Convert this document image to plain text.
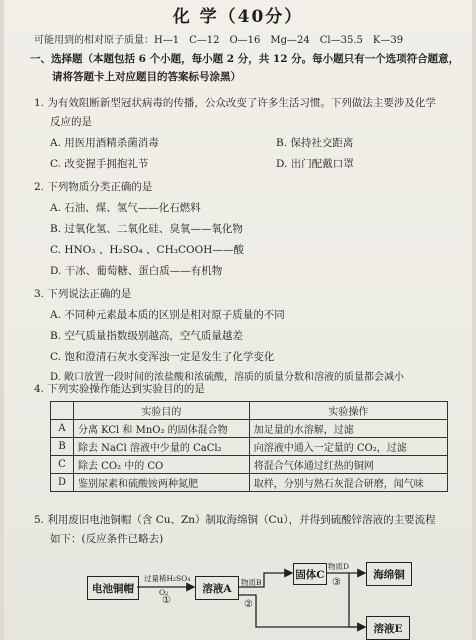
化 学（40分）
可能用到的相对原子质量：H—1　C—12　O—16　Mg—24　Cl—35.5　K—39
一、选择题（本题包括 6 个小题，每小题 2 分，共 12 分。每小题只有一个选项符合题意，
请将答题卡上对应题目的答案标号涂黑）
1. 为有效阻断新型冠状病毒的传播，公众改变了许多生活习惯。下列做法主要涉及化学
反应的是
A. 用医用酒精杀菌消毒	B. 保持社交距离
C. 改变握手拥抱礼节	D. 出门配戴口罩
2. 下列物质分类正确的是
A. 石油、煤、氢气——化石燃料
B. 过氧化氢、二氧化硅、臭氧——氧化物
C. HNO₃ 、H₂SO₄ 、CH₃COOH——酸
D. 干冰、葡萄糖、蛋白质——有机物
3. 下列说法正确的是
A. 不同种元素最本质的区别是相对原子质量的不同
B. 空气质量指数级别越高，空气质量越差
C. 饱和澄清石灰水变浑浊一定是发生了化学变化
D. 敞口放置一段时间的浓盐酸和浓硫酸，溶质的质量分数和溶液的质量都会减小
4. 下列实验操作能达到实验目的的是
	实验目的	实验操作
A	分离 KCl 和 MnO₂ 的固体混合物	加足量的水溶解，过滤
B	除去 NaCl 溶液中少量的 CaCl₂	向溶液中通入一定量的 CO₂，过滤
C	除去 CO₂ 中的 CO	将混合气体通过红热的铜网
D	鉴别尿素和硫酸铵两种氮肥	取样，分别与熟石灰混合研磨，闻气味
5. 利用废旧电池铜帽（含 Cu、Zn）制取海绵铜（Cu），并得到硫酸锌溶液的主要流程
如下：(反应条件已略去)
电池铜帽	溶液A
固体C	海绵铜
溶液E
过量稀H₂SO₄
O₂
①
物质B
②
物质D
③
